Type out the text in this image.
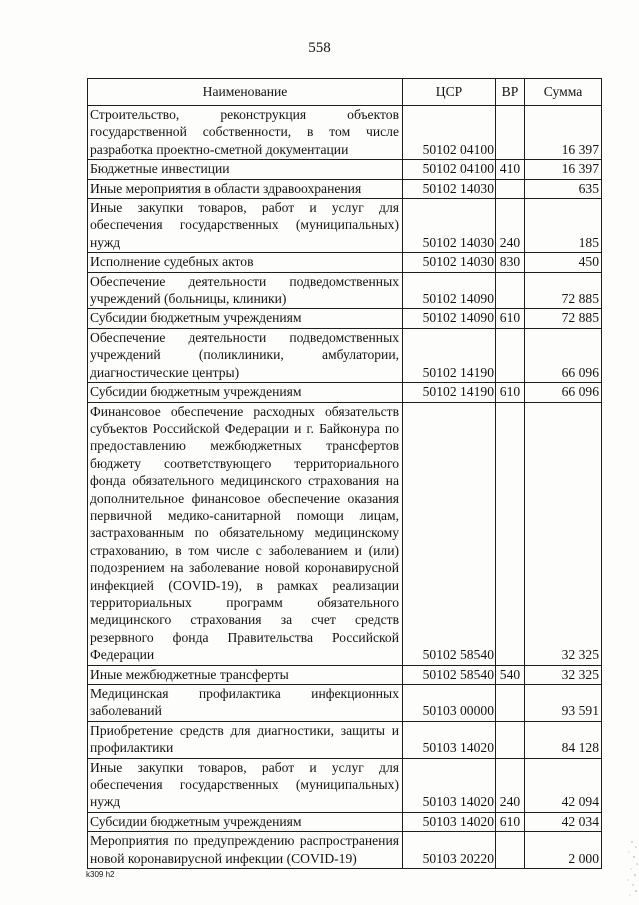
558
Наименование	ЦСР	ВР	Сумма
Строительство, реконструкция объектов государственной собственности, в том числе разработка проектно-сметной документации	50102 04100		16 397
Бюджетные инвестиции	50102 04100	410	16 397
Иные мероприятия в области здравоохранения	50102 14030		635
Иные закупки товаров, работ и услуг для обеспечения государственных (муниципальных) нужд	50102 14030	240	185
Исполнение судебных актов	50102 14030	830	450
Обеспечение деятельности подведомственных учреждений (больницы, клиники)	50102 14090		72 885
Субсидии бюджетным учреждениям	50102 14090	610	72 885
Обеспечение деятельности подведомственных учреждений (поликлиники, амбулатории, диагностические центры)	50102 14190		66 096
Субсидии бюджетным учреждениям	50102 14190	610	66 096
Финансовое обеспечение расходных обязательств субъектов Российской Федерации и г. Байконура по предоставлению межбюджетных трансфертов бюджету соответствующего территориального фонда обязательного медицинского страхования на дополнительное финансовое обеспечение оказания первичной медико-санитарной помощи лицам, застрахованным по обязательному медицинскому страхованию, в том числе с заболеванием и (или) подозрением на заболевание новой коронавирусной инфекцией (COVID-19), в рамках реализации территориальных программ обязательного медицинского страхования за счет средств резервного фонда Правительства Российской Федерации	50102 58540		32 325
Иные межбюджетные трансферты	50102 58540	540	32 325
Медицинская профилактика инфекционных заболеваний	50103 00000		93 591
Приобретение средств для диагностики, защиты и профилактики	50103 14020		84 128
Иные закупки товаров, работ и услуг для обеспечения государственных (муниципальных) нужд	50103 14020	240	42 094
Субсидии бюджетным учреждениям	50103 14020	610	42 034
Мероприятия по предупреждению распространения новой коронавирусной инфекции (COVID-19)	50103 20220		2 000
k309 h2
